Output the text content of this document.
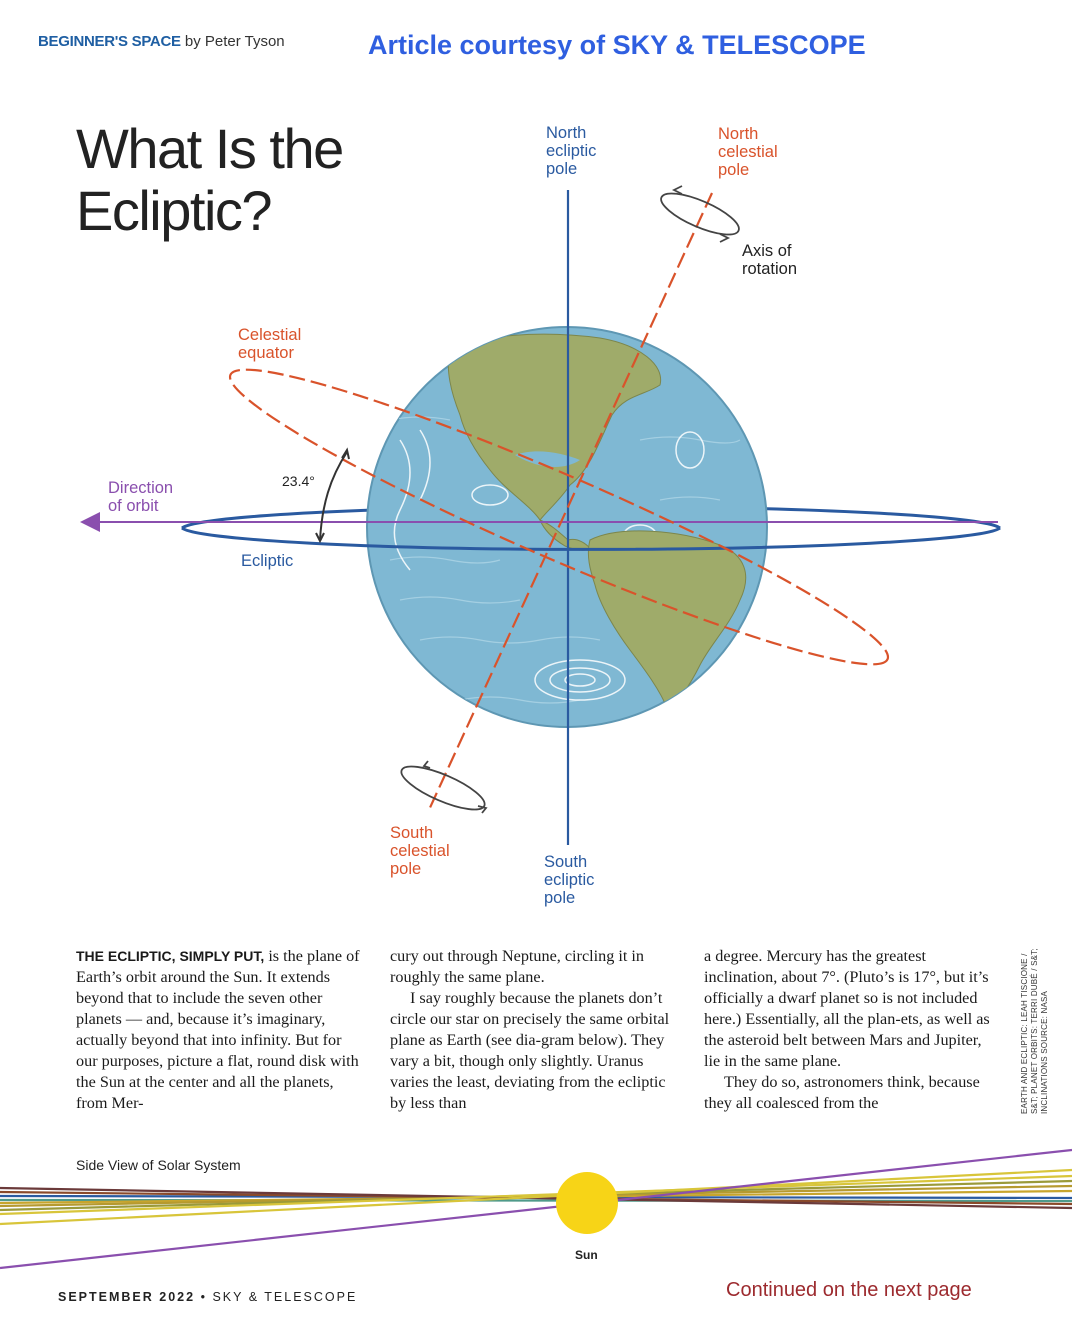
BEGINNER'S SPACE by Peter Tyson	Article courtesy of SKY & TELESCOPE
What Is the
Ecliptic?
North
ecliptic
pole
North
celestial
pole
Axis of
rotation
Celestial
equator
Direction
of orbit
23.4°
Ecliptic
South
celestial
pole	South
ecliptic
pole

THE ECLIPTIC, SIMPLY PUT, is the plane of Earth’s orbit around the Sun. It extends beyond that to include the seven other planets — and, because it’s imaginary, actually beyond that into infinity. But for our purposes, picture a flat, round disk with the Sun at the center and all the planets, from Mer-

cury out through Neptune, circling it in roughly the same plane.

I say roughly because the planets don’t circle our star on precisely the same orbital plane as Earth (see dia-gram below). They vary a bit, though only slightly. Uranus varies the least, deviating from the ecliptic by less than

a degree. Mercury has the greatest inclination, about 7°. (Pluto’s is 17°, but it’s officially a dwarf planet so is not included here.) Essentially, all the plan-ets, as well as the asteroid belt between Mars and Jupiter, lie in the same plane.

They do so, astronomers think, because they all coalesced from the	EARTH AND ECLIPTIC: LEAH TISCIONE / S&T; PLANET ORBITS: TERRI DUBÉ / S&T; INCLINATIONS SOURCE: NASA
Side View of Solar System
Sun
SEPTEMBER 2022 • SKY & TELESCOPE	Continued on the next page
